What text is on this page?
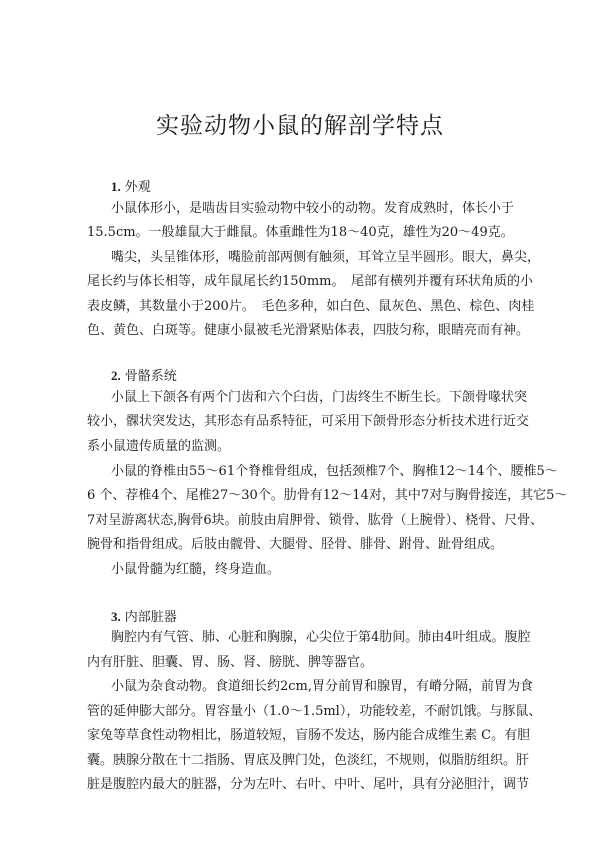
实验动物小鼠的解剖学特点
1. 外观
小鼠体形小，是啮齿目实验动物中较小的动物。发育成熟时，体长小于
15.5cm。一般雄鼠大于雌鼠。体重雌性为18～40克，雄性为20～49克。
嘴尖，头呈锥体形，嘴脸前部两侧有触须，耳耸立呈半圆形。眼大，鼻尖，
尾长约与体长相等，成年鼠尾长约150mm。　尾部有横列并覆有环状角质的小
表皮鳞，其数量小于200片。　毛色多种，如白色、鼠灰色、黑色、棕色、肉桂
色、黄色、白斑等。健康小鼠被毛光滑紧贴体表，四肢匀称，眼睛亮而有神。
2. 骨骼系统
小鼠上下颌各有两个门齿和六个臼齿，门齿终生不断生长。下颌骨喙状突
较小，髁状突发达，其形态有品系特征，可采用下颌骨形态分析技术进行近交
系小鼠遗传质量的监测。
小鼠的脊椎由55～61个脊椎骨组成，包括颈椎7个、胸椎12～14个、腰椎5～
6 个、荐椎4个、尾椎27～30个。肋骨有12～14对，其中7对与胸骨接连，其它5～
7对呈游离状态,胸骨6块。前肢由肩胛骨、锁骨、肱骨（上腕骨）、桡骨、尺骨、
腕骨和指骨组成。后肢由髋骨、大腿骨、胫骨、腓骨、跗骨、趾骨组成。
小鼠骨髓为红髓，终身造血。
3. 内部脏器
胸腔内有气管、肺、心脏和胸腺，心尖位于第4肋间。肺由4叶组成。腹腔
内有肝脏、胆囊、胃、肠、肾、膀胱、脾等器官。
小鼠为杂食动物。食道细长约2cm,胃分前胃和腺胃，有嵴分隔，前胃为食
管的延伸膨大部分。胃容量小（1.0～1.5ml），功能较差，不耐饥饿。与豚鼠、
家兔等草食性动物相比，肠道较短，盲肠不发达，肠内能合成维生素 C。有胆
囊。胰腺分散在十二指肠、胃底及脾门处，色淡红，不规则，似脂肪组织。肝
脏是腹腔内最大的脏器，分为左叶、右叶、中叶、尾叶，具有分泌胆汁，调节
